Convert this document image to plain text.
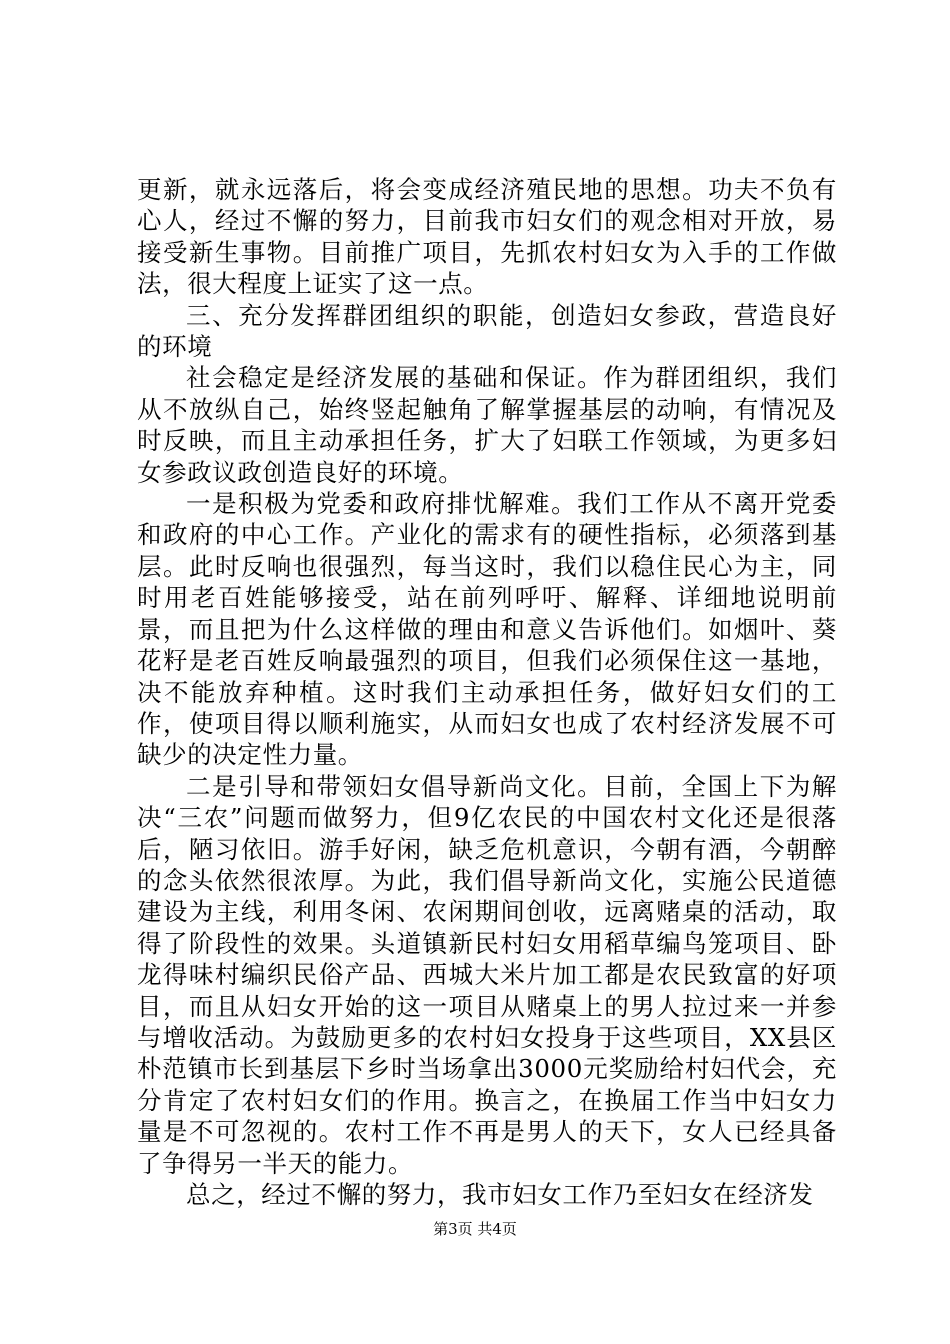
更新，就永远落后，将会变成经济殖民地的思想。功夫不负有心人，经过不懈的努力，目前我市妇女们的观念相对开放，易接受新生事物。目前推广项目，先抓农村妇女为入手的工作做法，很大程度上证实了这一点。

三、充分发挥群团组织的职能，创造妇女参政，营造良好的环境

社会稳定是经济发展的基础和保证。作为群团组织，我们从不放纵自己，始终竖起触角了解掌握基层的动响，有情况及时反映，而且主动承担任务，扩大了妇联工作领域，为更多妇女参政议政创造良好的环境。

一是积极为党委和政府排忧解难。我们工作从不离开党委和政府的中心工作。产业化的需求有的硬性指标，必须落到基层。此时反响也很强烈，每当这时，我们以稳住民心为主，同时用老百姓能够接受，站在前列呼吁、解释、详细地说明前景，而且把为什么这样做的理由和意义告诉他们。如烟叶、葵花籽是老百姓反响最强烈的项目，但我们必须保住这一基地，决不能放弃种植。这时我们主动承担任务，做好妇女们的工作，使项目得以顺利施实，从而妇女也成了农村经济发展不可缺少的决定性力量。

二是引导和带领妇女倡导新尚文化。目前，全国上下为解决“三农”问题而做努力，但9亿农民的中国农村文化还是很落后，陋习依旧。游手好闲，缺乏危机意识，今朝有酒，今朝醉的念头依然很浓厚。为此，我们倡导新尚文化，实施公民道德建设为主线，利用冬闲、农闲期间创收，远离赌桌的活动，取得了阶段性的效果。头道镇新民村妇女用稻草编鸟笼项目、卧龙得味村编织民俗产品、西城大米片加工都是农民致富的好项目，而且从妇女开始的这一项目从赌桌上的男人拉过来一并参与增收活动。为鼓励更多的农村妇女投身于这些项目，XX县区朴范镇市长到基层下乡时当场拿出3000元奖励给村妇代会，充分肯定了农村妇女们的作用。换言之，在换届工作当中妇女力量是不可忽视的。农村工作不再是男人的天下，女人已经具备了争得另一半天的能力。

总之，经过不懈的努力，我市妇女工作乃至妇女在经济发

第3页 共4页
